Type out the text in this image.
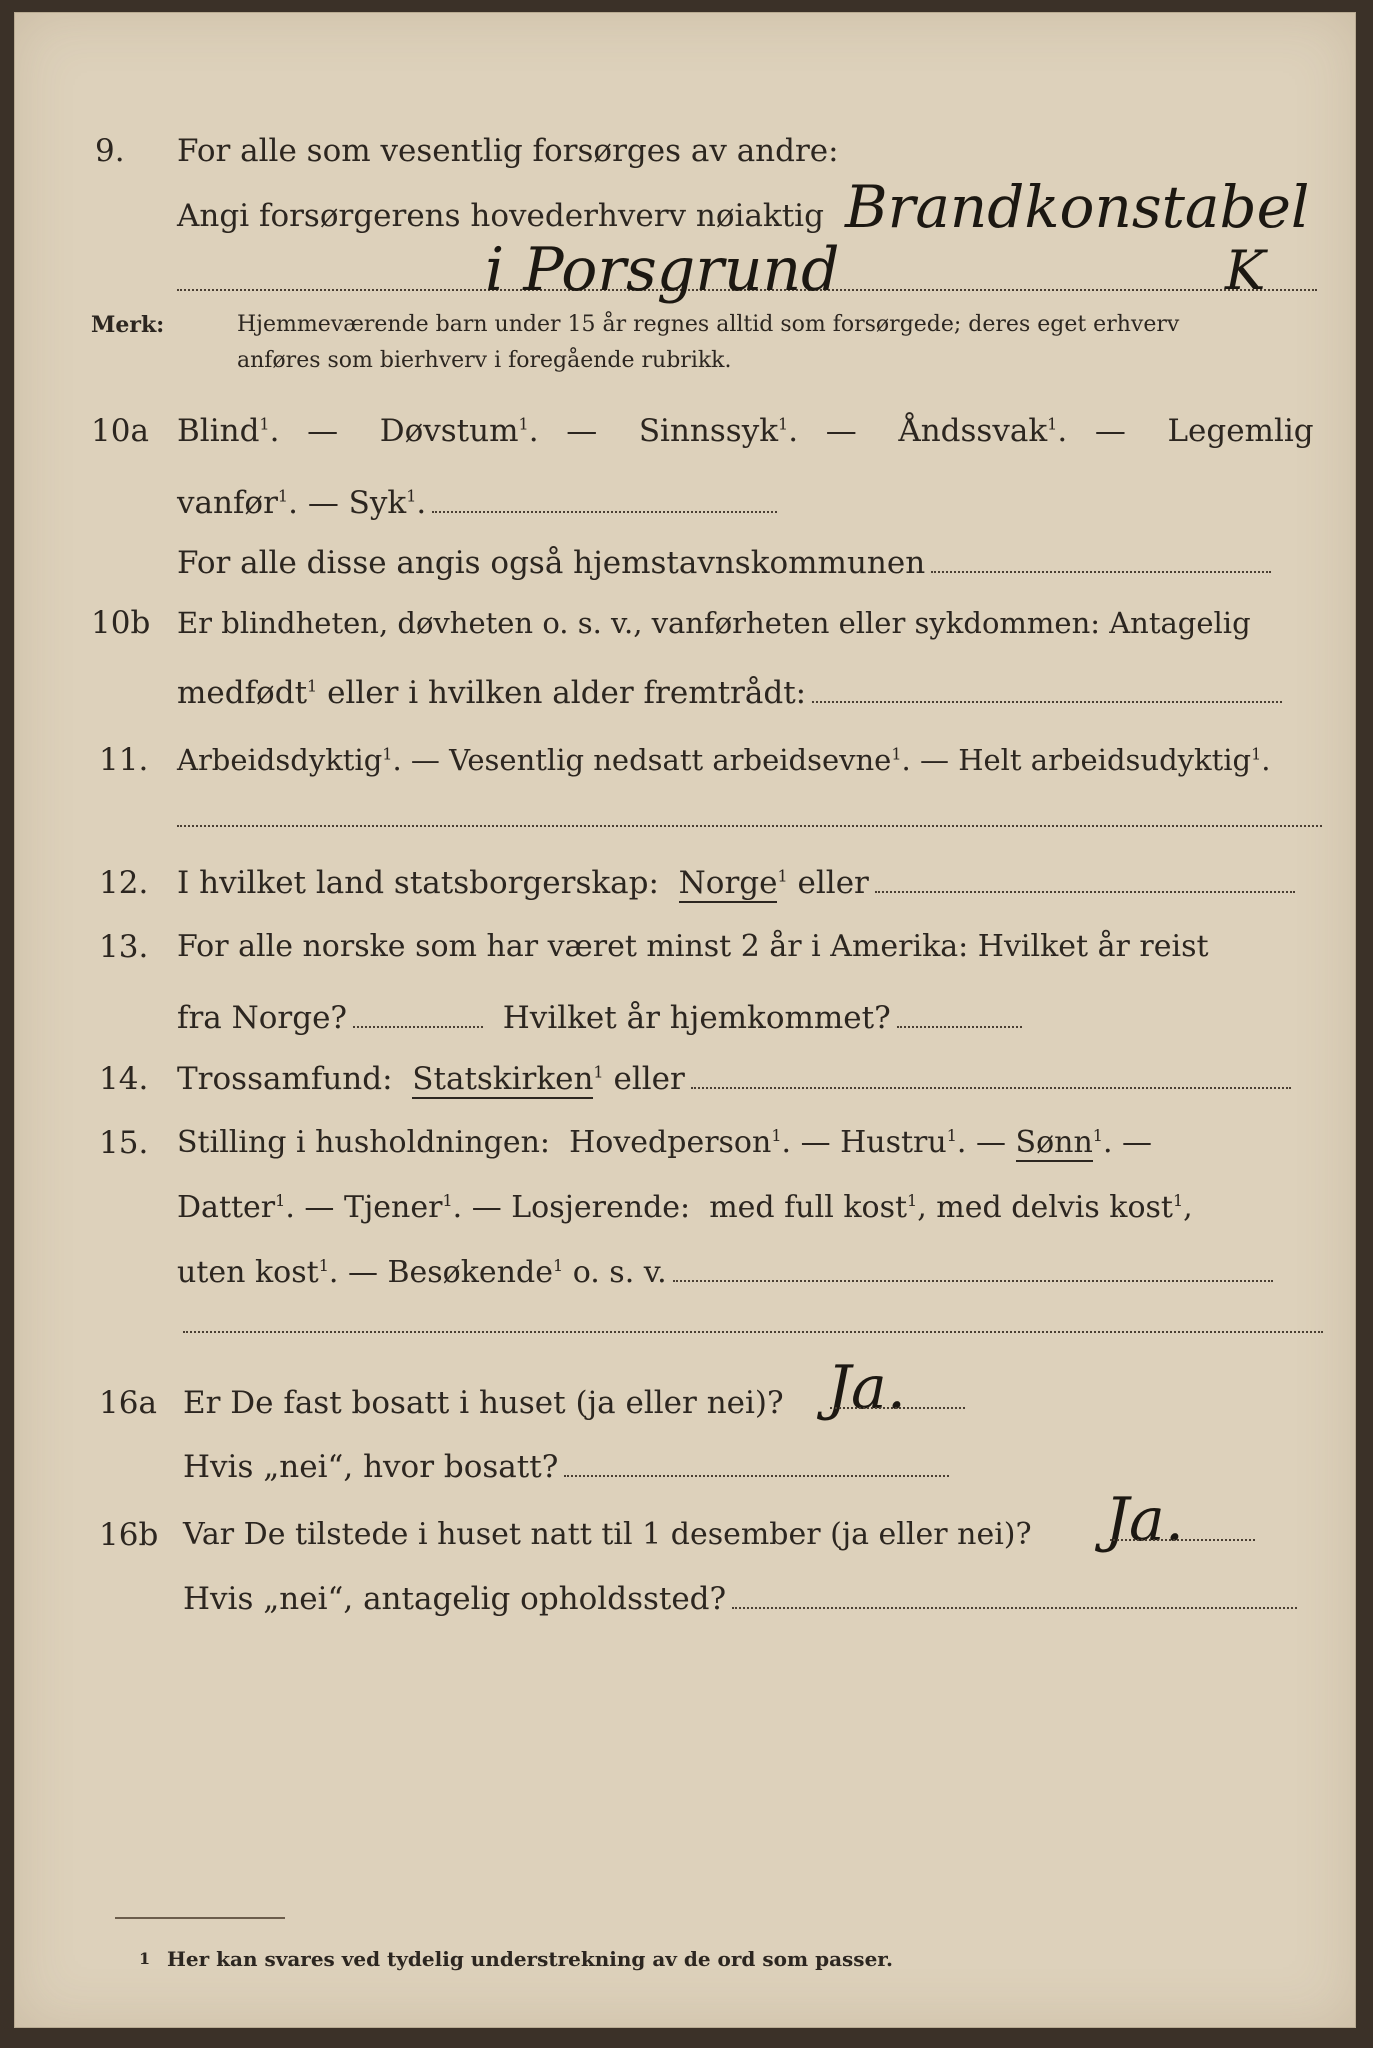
9.	For alle som vesentlig forsørges av andre:
Angi forsørgerens hovederhverv nøiaktig Brandkonstabel
i Porsgrund	K
Merk:	Hjemmeværende barn under 15 år regnes alltid som forsørgede; deres eget erhverv
anføres som bierhverv i foregående rubrikk.
10a Blind$^1$.  —   Døvstum$^1$.  —   Sinnssyk$^1$.  —   Åndssvak$^1$.  —   Legemlig
vanfør$^1$. — Syk$^1$.
For alle disse angis også hjemstavnskommunen
10b Er blindheten, døvheten o. s. v., vanførheten eller sykdommen: Antagelig
medfødt$^1$ eller i hvilken alder fremtrådt:
11. Arbeidsdyktig$^1$. — Vesentlig nedsatt arbeidsevne$^1$. — Helt arbeidsudyktig$^1$.
12. I hvilket land statsborgerskap: Norge$^1$ eller
13. For alle norske som har været minst 2 år i Amerika: Hvilket år reist
fra Norge?	Hvilket år hjemkommet?
14. Trossamfund: Statskirken$^1$ eller
15. Stilling i husholdningen: Hovedperson$^1$. — Hustru$^1$. — Sønn$^1$. —
Datter$^1$. — Tjener$^1$. — Losjerende: med full kost$^1$, med delvis kost$^1$,
uten kost$^1$. — Besøkende$^1$ o. s. v.
16a Er De fast bosatt i huset (ja eller nei)? Ja.
Hvis „nei“, hvor bosatt?
16b Var De tilstede i huset natt til 1 desember (ja eller nei)?	Ja.
Hvis „nei“, antagelig opholdssted?
1 Her kan svares ved tydelig understrekning av de ord som passer.
